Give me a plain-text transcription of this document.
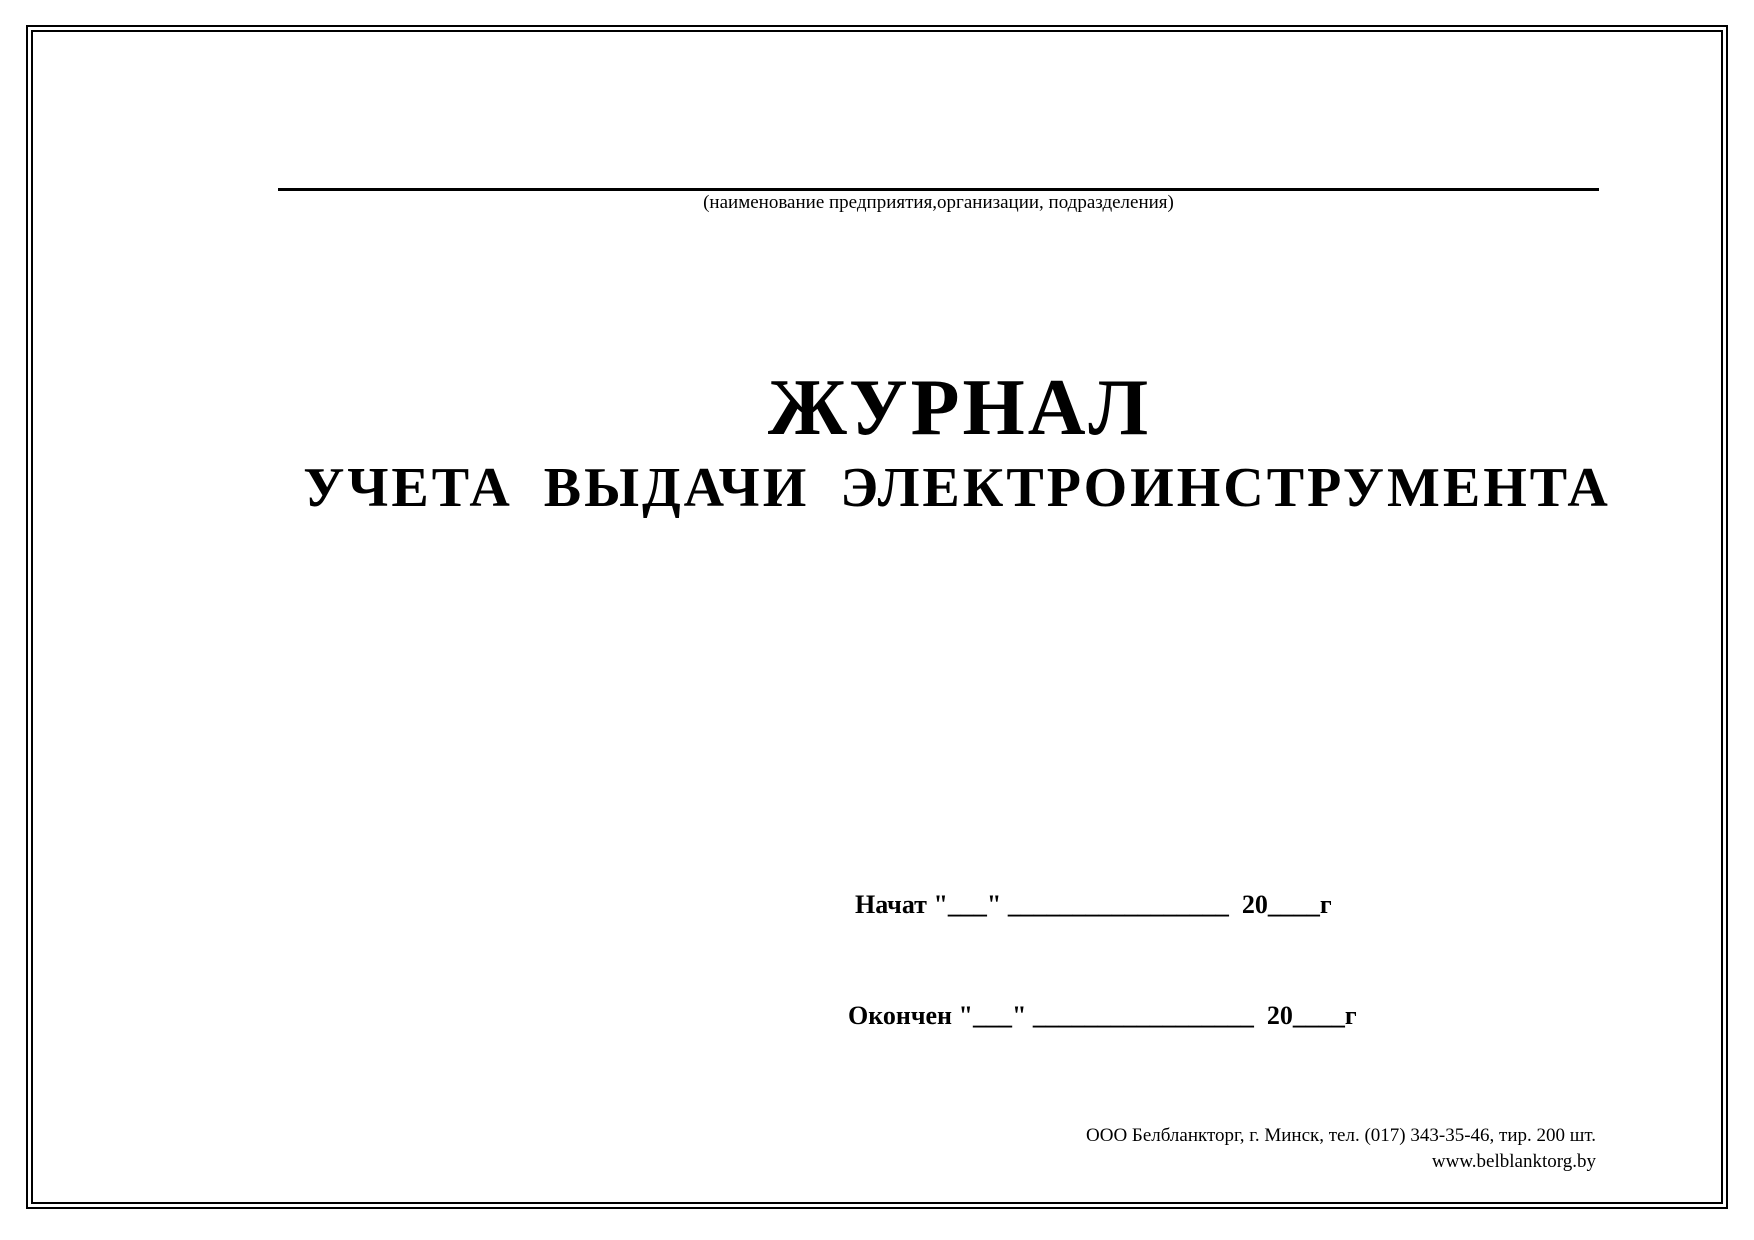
(наименование предприятия,организации, подразделения)
ЖУРНАЛ
УЧЕТА ВЫДАЧИ ЭЛЕКТРОИНСТРУМЕНТА
Начат "___" _________________  20____г
Окончен "___" _________________  20____г
ООО Белбланкторг, г. Минск, тел. (017) 343-35-46, тир. 200 шт.
www.belblanktorg.by
